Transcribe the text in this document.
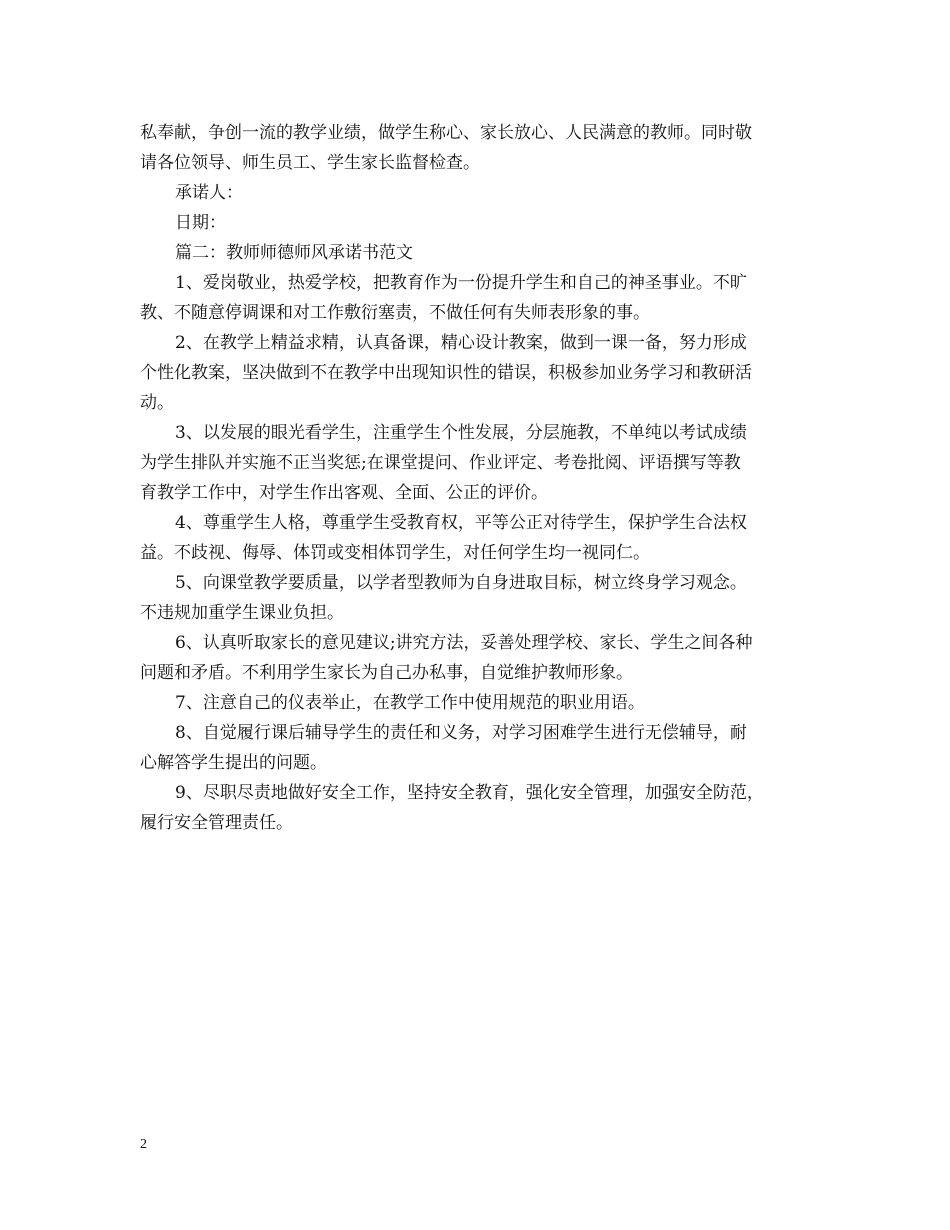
私奉献，争创一流的教学业绩，做学生称心、家长放心、人民满意的教师。同时敬
请各位领导、师生员工、学生家长监督检查。
承诺人：
日期：
篇二：教师师德师风承诺书范文
1、爱岗敬业，热爱学校，把教育作为一份提升学生和自己的神圣事业。不旷
教、不随意停调课和对工作敷衍塞责，不做任何有失师表形象的事。
2、在教学上精益求精，认真备课，精心设计教案，做到一课一备，努力形成
个性化教案，坚决做到不在教学中出现知识性的错误，积极参加业务学习和教研活
动。
3、以发展的眼光看学生，注重学生个性发展，分层施教，不单纯以考试成绩
为学生排队并实施不正当奖惩;在课堂提问、作业评定、考卷批阅、评语撰写等教
育教学工作中，对学生作出客观、全面、公正的评价。
4、尊重学生人格，尊重学生受教育权，平等公正对待学生，保护学生合法权
益。不歧视、侮辱、体罚或变相体罚学生，对任何学生均一视同仁。
5、向课堂教学要质量，以学者型教师为自身进取目标，树立终身学习观念。
不违规加重学生课业负担。
6、认真听取家长的意见建议;讲究方法，妥善处理学校、家长、学生之间各种
问题和矛盾。不利用学生家长为自己办私事，自觉维护教师形象。
7、注意自己的仪表举止，在教学工作中使用规范的职业用语。
8、自觉履行课后辅导学生的责任和义务，对学习困难学生进行无偿辅导，耐
心解答学生提出的问题。
9、尽职尽责地做好安全工作，坚持安全教育，强化安全管理，加强安全防范，
履行安全管理责任。
2
